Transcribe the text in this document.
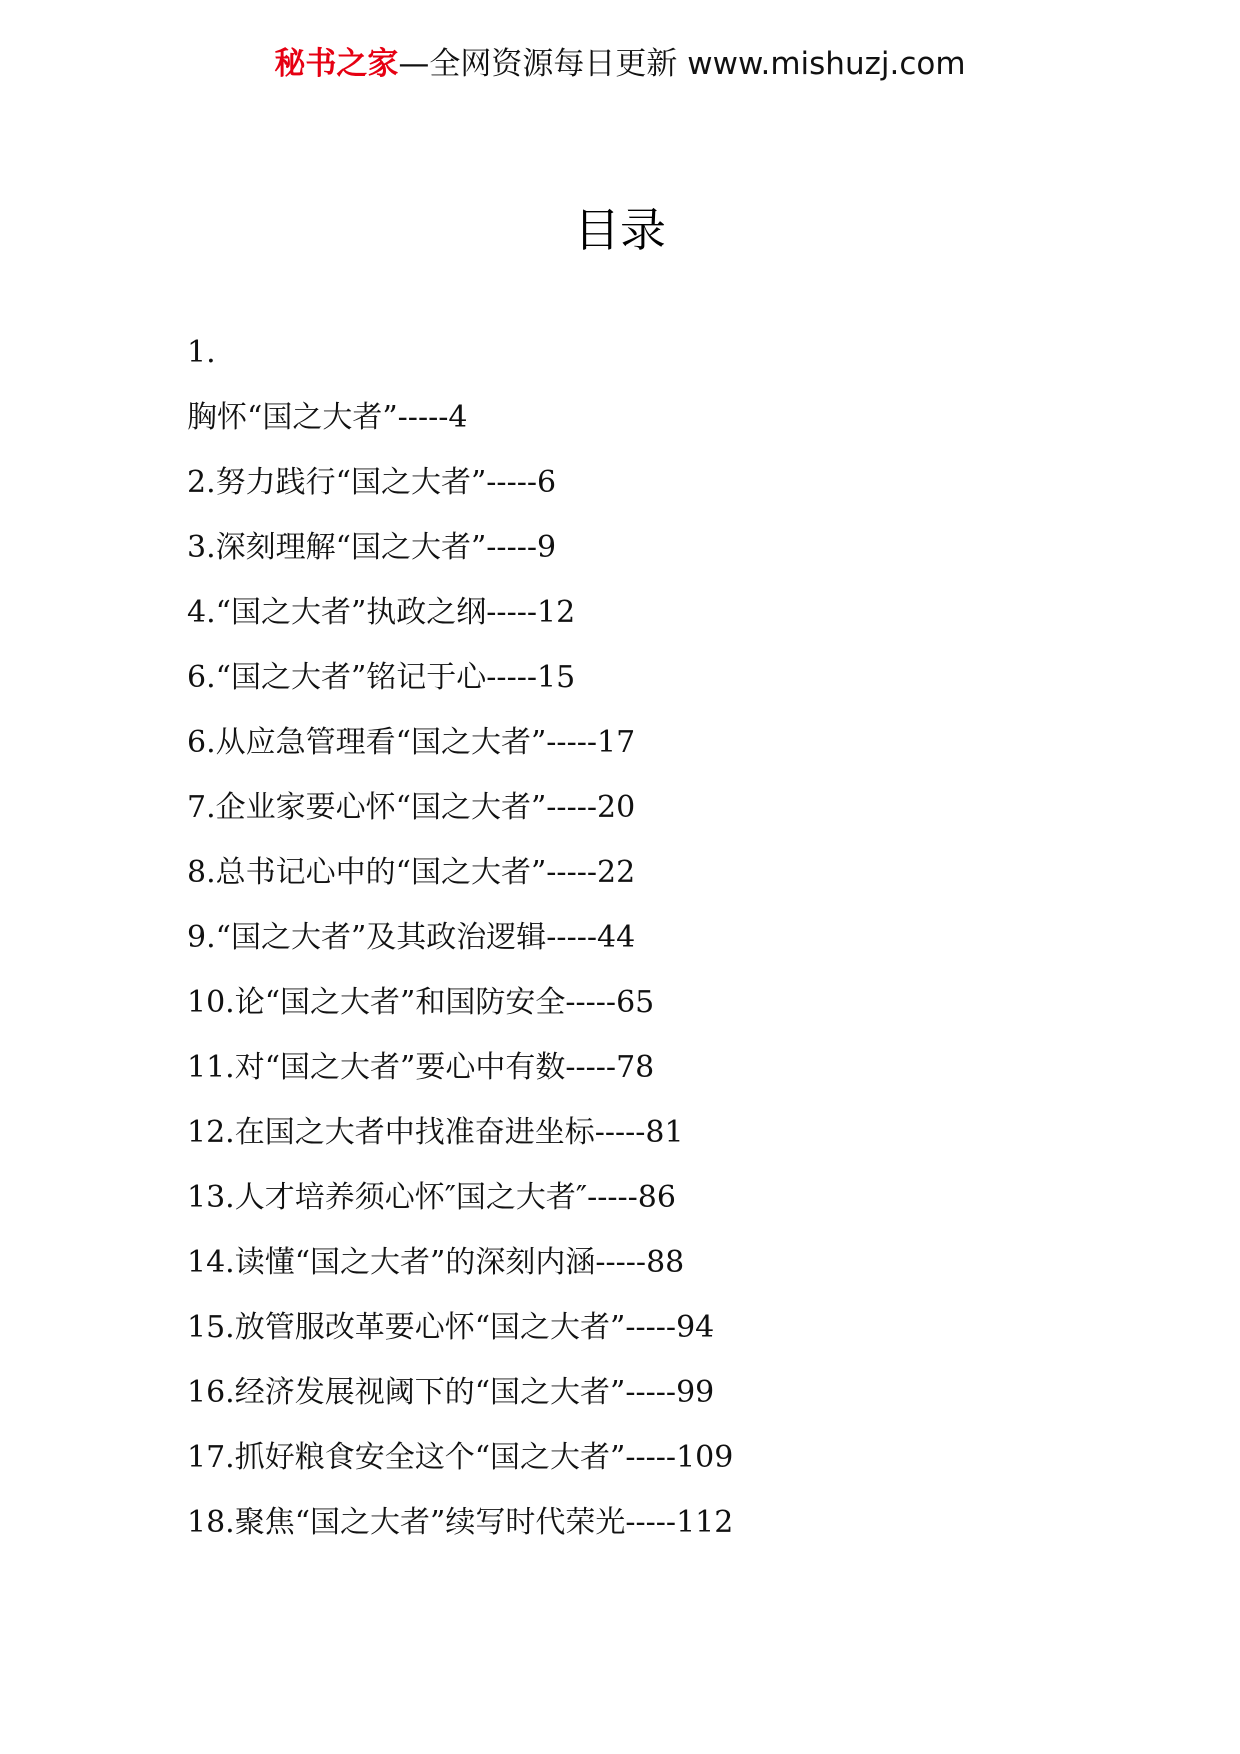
秘书之家—全网资源每日更新 www.mishuzj.com
目录
1.
胸怀“国之大者”-----4
2.努力践行“国之大者”-----6
3.深刻理解“国之大者”-----9
4.“国之大者”执政之纲-----12
6.“国之大者”铭记于心-----15
6.从应急管理看“国之大者”-----17
7.企业家要心怀“国之大者”-----20
8.总书记心中的“国之大者”-----22
9.“国之大者”及其政治逻辑-----44
10.论“国之大者”和国防安全-----65
11.对“国之大者”要心中有数-----78
12.在国之大者中找准奋进坐标-----81
13.人才培养须心怀″国之大者″-----86
14.读懂“国之大者”的深刻内涵-----88
15.放管服改革要心怀“国之大者”-----94
16.经济发展视阈下的“国之大者”-----99
17.抓好粮食安全这个“国之大者”-----109
18.聚焦“国之大者”续写时代荣光-----112
